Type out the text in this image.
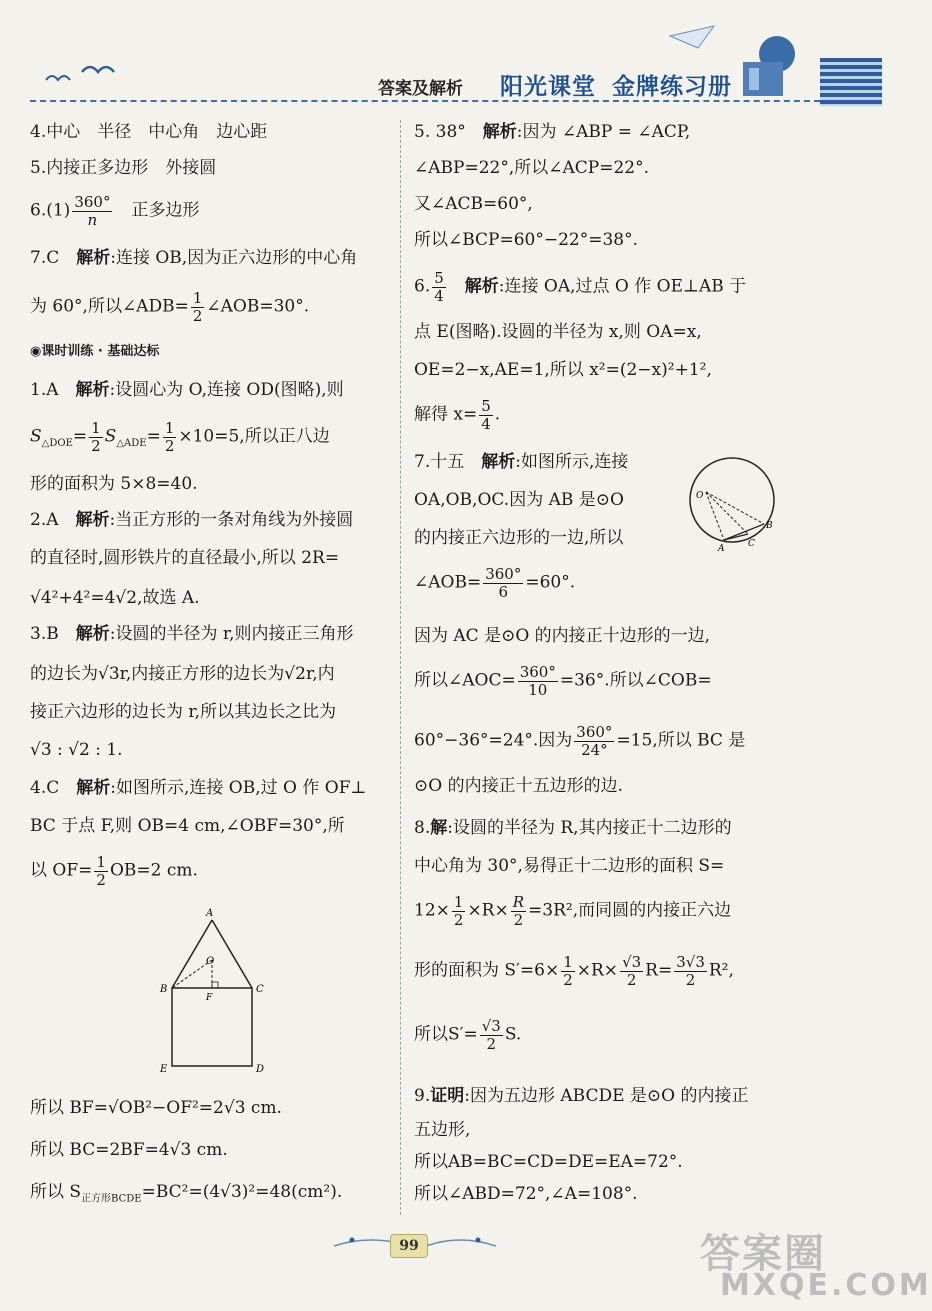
答案及解析 阳光课堂 金牌练习册
4.中心　半径　中心角　边心距
5.内接正多边形　外接圆
$6.(1) \frac{360^\circ}{n}$
　 正多边形
7.C　解析:连接 OB,因为正六边形的中心角
为 60°,所以∠ADB= $\frac{1}{2}$ ∠AOB=30°.
◉课时训练 · 基础达标
1.A　解析:设圆心为 O,连接 OD(图略),则
$S_{\triangle DOE}= \frac{1}{2} S_{\triangle ADE}= \frac{1}{2} \times 10=5$,所以正八边
形的面积为 5×8=40.
2.A　解析:当正方形的一条对角线为外接圆
的直径时,圆形铁片的直径最小,所以 2R=
√4²+4²=4√2,故选 A.
3.B　解析:设圆的半径为 r,则内接正三角形
的边长为√3r,内接正方形的边长为√2r,内
接正六边形的边长为 r,所以其边长之比为
√3 : √2 : 1.
4.C　解析:如图所示,连接 OB,过 O 作 OF⊥
BC 于点 F,则 OB=4 cm,∠OBF=30°,所
以 $OF= \frac{1}{2} OB=2$ cm.
A
O
B
F
C
E	D
所以 BF=√OB²−OF²=2√3 cm.
所以 BC=2BF=4√3 cm.
所以 $S_{正方形BCDE}=BC^2=(4√3)^2=48(cm^2)$.
5. 38°　解析:因为 ∠ABP = ∠ACP,
∠ABP=22°,所以∠ACP=22°.
又∠ACB=60°,
所以∠BCP=60°−22°=38°.
6. $\frac{5}{4}$
　 解析:连接 OA,过点 O 作 OE⊥AB 于
点 E(图略).设圆的半径为 x,则 OA=x,
OE=2−x,AE=1,所以 x²=(2−x)²+1²,
解得 $x= \frac{5}{4}$ .
7.十五　解析:如图所示,连接
OA,OB,OC.因为 AB 是⊙O
的内接正六边形的一边,所以
O
A
B
C
∠AOB= $\frac{360^\circ}{6} =60^\circ$.
因为 AC 是⊙O 的内接正十边形的一边,
所以∠AOC= $\frac{360^\circ}{10} =36^\circ$.所以∠COB=
60°−36°=24°.因为 $\frac{360^\circ}{24^\circ} =15$,所以 BC 是
⊙O 的内接正十五边形的边.
8.解:设圆的半径为 R,其内接正十二边形的
中心角为 30°,易得正十二边形的面积 S=
$12\times \frac{1}{2} \times R\times \frac{R}{2} =3R^2$,而同圆的内接正六边
形的面积为 $S'=6\times \frac{1}{2} \times R\times \frac{√3}{2} R= \frac{3√3}{2} R^2$,
所以$S'= \frac{√3}{2} S$.
9.证明:因为五边形 ABCDE 是⊙O 的内接正
五边形,
所以AB=BC=CD=DE=EA=72°.
所以∠ABD=72°,∠A=108°.
99	答案圈
MXQE.COM
